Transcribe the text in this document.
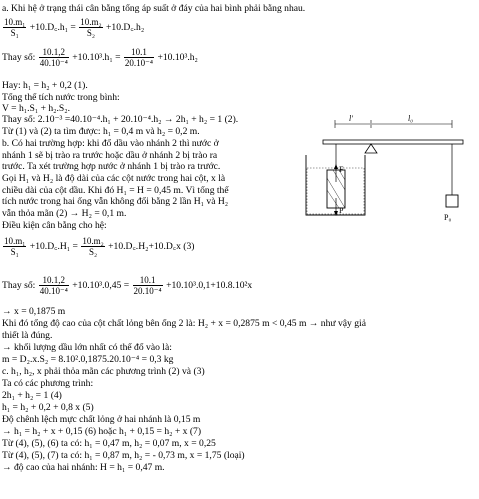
a. Khi hệ ở trạng thái cân bằng tổng áp suất ở đáy của hai bình phải bằng nhau.
$\frac{\text{10.m₁}}{\text{S₁}}$ +10.D꜀.h₁ = $\frac{\text{10.m₂}}{\text{S₂}}$ +10.D꜀.h₂
Thay số: $\frac{10.1,2}{\text{40.10⁻⁴}} +10.10^3.h_1 = \frac{10.1}{\text{20.10⁻⁴}} +10.10^3.h_2$
Hay: h₁ = h₂ + 0,2 (1).
Tổng thể tích nước trong bình:
V = h₁.S₁ + h₂.S₂.
Thay số: 2.10⁻³ =40.10⁻⁴.h₁ + 20.10⁻⁴.h₂ → 2h₁ + h₂ = 1 (2).
Từ (1) và (2) ta tìm được: h₁ = 0,4 m và h₂ = 0,2 m.
b. Có hai trường hợp: khi đổ dầu vào nhánh 2 thì nước ở
nhánh 1 sẽ bị trào ra trước hoặc dầu ở nhánh 2 bị trào ra
trước. Ta xét trường hợp nước ở nhánh 1 bị trào ra trước.
Gọi H₁ và H₂ là độ dài của các cột nước trong hai cột, x là
chiều dài của cột dầu. Khi đó H₁ = H = 0,45 m. Vì tổng thể
tích nước trong hai ống vẫn không đổi bằng 2 lần H₁ và H₂
vẫn thỏa mãn (2) → H₂ = 0,1 m.
Điều kiện cân bằng cho hệ:
$\frac{\text{10.m₁}}{\text{S₁}}$ +10.D꜀.H₁ = $\frac{\text{10.m₂}}{\text{S₂}}$ +10.D꜀.H₂+10.D꜀x (3)
Thay số: $\frac{10.1,2}{\text{40.10⁻⁴}} +10.10^3.0,45 = \frac{10.1}{\text{20.10⁻⁴}} +10.10^3.0,1+10.8.10^2x$
→ x = 0,1875 m
Khi đó tổng độ cao của cột chất lỏng bên ống 2 là: H₂ + x = 0,2875 m < 0,45 m → như vậy giả
thiết là đúng.
→ khối lượng dầu lớn nhất có thể đổ vào là:
m = D₂.x.S₂ = 8.10².0,1875.20.10⁻⁴ = 0,3 kg
c. h₁, h₂, x phải thỏa mãn các phương trình (2) và (3)
Ta có các phương trình:
2h₁ + h₂ = 1 (4)
h₁ = h₂ + 0,2 + 0,8 x (5)
Độ chênh lệch mực chất lỏng ở hai nhánh là 0,15 m
→ h₁ = h₂ + x + 0,15 (6) hoặc h₁ + 0,15 = h₂ + x (7)
Từ (4), (5), (6) ta có: h₁ = 0,47 m, h₂ = 0,07 m, x = 0,25
Từ (4), (5), (7) ta có: h₁ = 0,87 m, h₂ = - 0,73 m, x = 1,75 (loại)
→ độ cao của hai nhánh: H = h₁ = 0,47 m.
l'	l₀
F
P
P₀
